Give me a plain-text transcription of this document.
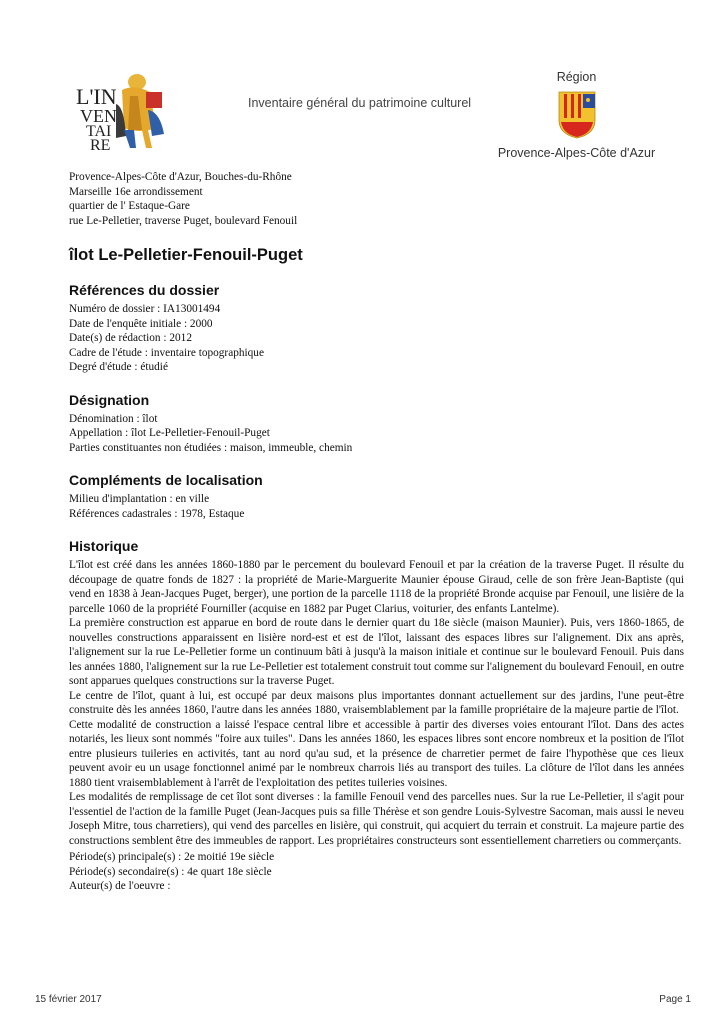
L'IN
VEN
TAI
RE
Inventaire général du patrimoine culturel
Région
Provence-Alpes-Côte d'Azur
Provence-Alpes-Côte d'Azur, Bouches-du-Rhône
Marseille 16e arrondissement
quartier de l' Estaque-Gare
rue Le-Pelletier, traverse Puget, boulevard Fenouil
îlot Le-Pelletier-Fenouil-Puget
Références du dossier
Numéro de dossier : IA13001494
Date de l'enquête initiale : 2000
Date(s) de rédaction : 2012
Cadre de l'étude : inventaire topographique
Degré d'étude : étudié
Désignation
Dénomination : îlot
Appellation : îlot Le-Pelletier-Fenouil-Puget
Parties constituantes non étudiées : maison, immeuble, chemin
Compléments de localisation
Milieu d'implantation : en ville
Références cadastrales : 1978, Estaque
Historique

L'îlot est créé dans les années 1860-1880 par le percement du boulevard Fenouil et par la création de la traverse Puget. Il résulte du découpage de quatre fonds de 1827 : la propriété de Marie-Marguerite Maunier épouse Giraud, celle de son frère Jean-Baptiste (qui vend en 1838 à Jean-Jacques Puget, berger), une portion de la parcelle 1118 de la propriété Bronde acquise par Fenouil, une lisière de la parcelle 1060 de la propriété Fourniller (acquise en 1882 par Puget Clarius, voiturier, des enfants Lantelme).

La première construction est apparue en bord de route dans le dernier quart du 18e siècle (maison Maunier). Puis, vers 1860-1865, de nouvelles constructions apparaissent en lisière nord-est et est de l'îlot, laissant des espaces libres sur l'alignement. Dix ans après, l'alignement sur la rue Le-Pelletier forme un continuum bâti à jusqu'à la maison initiale et continue sur le boulevard Fenouil. Puis dans les années 1880, l'alignement sur la rue Le-Pelletier est totalement construit tout comme sur l'alignement du boulevard Fenouil, en outre sont apparues quelques constructions sur la traverse Puget.

Le centre de l'îlot, quant à lui, est occupé par deux maisons plus importantes donnant actuellement sur des jardins, l'une peut-être construite dès les années 1860, l'autre dans les années 1880, vraisemblablement par la famille propriétaire de la majeure partie de l'îlot.

Cette modalité de construction a laissé l'espace central libre et accessible à partir des diverses voies entourant l'îlot. Dans des actes notariés, les lieux sont nommés "foire aux tuiles". Dans les années 1860, les espaces libres sont encore nombreux et la position de l'îlot entre plusieurs tuileries en activités, tant au nord qu'au sud, et la présence de charretier permet de faire l'hypothèse que ces lieux peuvent avoir eu un usage fonctionnel animé par le nombreux charrois liés au transport des tuiles. La clôture de l'îlot dans les années 1880 tient vraisemblablement à l'arrêt de l'exploitation des petites tuileries voisines.

Les modalités de remplissage de cet îlot sont diverses : la famille Fenouil vend des parcelles nues. Sur la rue Le-Pelletier, il s'agit pour l'essentiel de l'action de la famille Puget (Jean-Jacques puis sa fille Thérèse et son gendre Louis-Sylvestre Sacoman, mais aussi le neveu Joseph Mitre, tous charretiers), qui vend des parcelles en lisière, qui construit, qui acquiert du terrain et construit. La majeure partie des constructions semblent être des immeubles de rapport. Les propriétaires constructeurs sont essentiellement charretiers ou commerçants.

Période(s) principale(s) : 2e moitié 19e siècle
Période(s) secondaire(s) : 4e quart 18e siècle
Auteur(s) de l'oeuvre :
15 février 2017	Page 1
